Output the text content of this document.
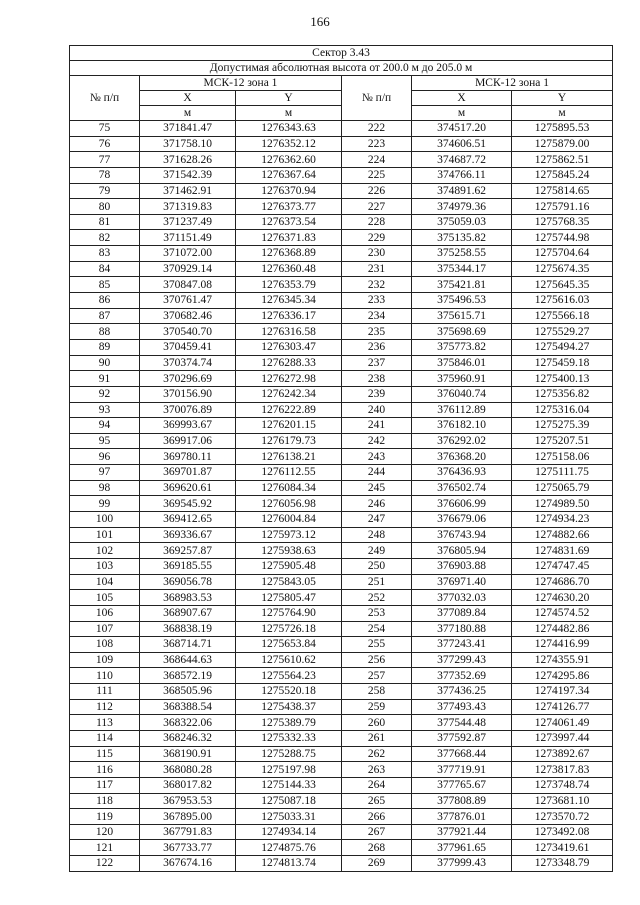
166
Сектор 3.43					
Допустимая абсолютная высота от 200.0 м до 205.0 м					
№ п/п	МСК-12 зона 1		№ п/п	МСК-12 зона 1	
	X	Y		X	Y
	м	м		м	м
75	371841.47	1276343.63	222	374517.20	1275895.53
76	371758.10	1276352.12	223	374606.51	1275879.00
77	371628.26	1276362.60	224	374687.72	1275862.51
78	371542.39	1276367.64	225	374766.11	1275845.24
79	371462.91	1276370.94	226	374891.62	1275814.65
80	371319.83	1276373.77	227	374979.36	1275791.16
81	371237.49	1276373.54	228	375059.03	1275768.35
82	371151.49	1276371.83	229	375135.82	1275744.98
83	371072.00	1276368.89	230	375258.55	1275704.64
84	370929.14	1276360.48	231	375344.17	1275674.35
85	370847.08	1276353.79	232	375421.81	1275645.35
86	370761.47	1276345.34	233	375496.53	1275616.03
87	370682.46	1276336.17	234	375615.71	1275566.18
88	370540.70	1276316.58	235	375698.69	1275529.27
89	370459.41	1276303.47	236	375773.82	1275494.27
90	370374.74	1276288.33	237	375846.01	1275459.18
91	370296.69	1276272.98	238	375960.91	1275400.13
92	370156.90	1276242.34	239	376040.74	1275356.82
93	370076.89	1276222.89	240	376112.89	1275316.04
94	369993.67	1276201.15	241	376182.10	1275275.39
95	369917.06	1276179.73	242	376292.02	1275207.51
96	369780.11	1276138.21	243	376368.20	1275158.06
97	369701.87	1276112.55	244	376436.93	1275111.75
98	369620.61	1276084.34	245	376502.74	1275065.79
99	369545.92	1276056.98	246	376606.99	1274989.50
100	369412.65	1276004.84	247	376679.06	1274934.23
101	369336.67	1275973.12	248	376743.94	1274882.66
102	369257.87	1275938.63	249	376805.94	1274831.69
103	369185.55	1275905.48	250	376903.88	1274747.45
104	369056.78	1275843.05	251	376971.40	1274686.70
105	368983.53	1275805.47	252	377032.03	1274630.20
106	368907.67	1275764.90	253	377089.84	1274574.52
107	368838.19	1275726.18	254	377180.88	1274482.86
108	368714.71	1275653.84	255	377243.41	1274416.99
109	368644.63	1275610.62	256	377299.43	1274355.91
110	368572.19	1275564.23	257	377352.69	1274295.86
111	368505.96	1275520.18	258	377436.25	1274197.34
112	368388.54	1275438.37	259	377493.43	1274126.77
113	368322.06	1275389.79	260	377544.48	1274061.49
114	368246.32	1275332.33	261	377592.87	1273997.44
115	368190.91	1275288.75	262	377668.44	1273892.67
116	368080.28	1275197.98	263	377719.91	1273817.83
117	368017.82	1275144.33	264	377765.67	1273748.74
118	367953.53	1275087.18	265	377808.89	1273681.10
119	367895.00	1275033.31	266	377876.01	1273570.72
120	367791.83	1274934.14	267	377921.44	1273492.08
121	367733.77	1274875.76	268	377961.65	1273419.61
122	367674.16	1274813.74	269	377999.43	1273348.79
